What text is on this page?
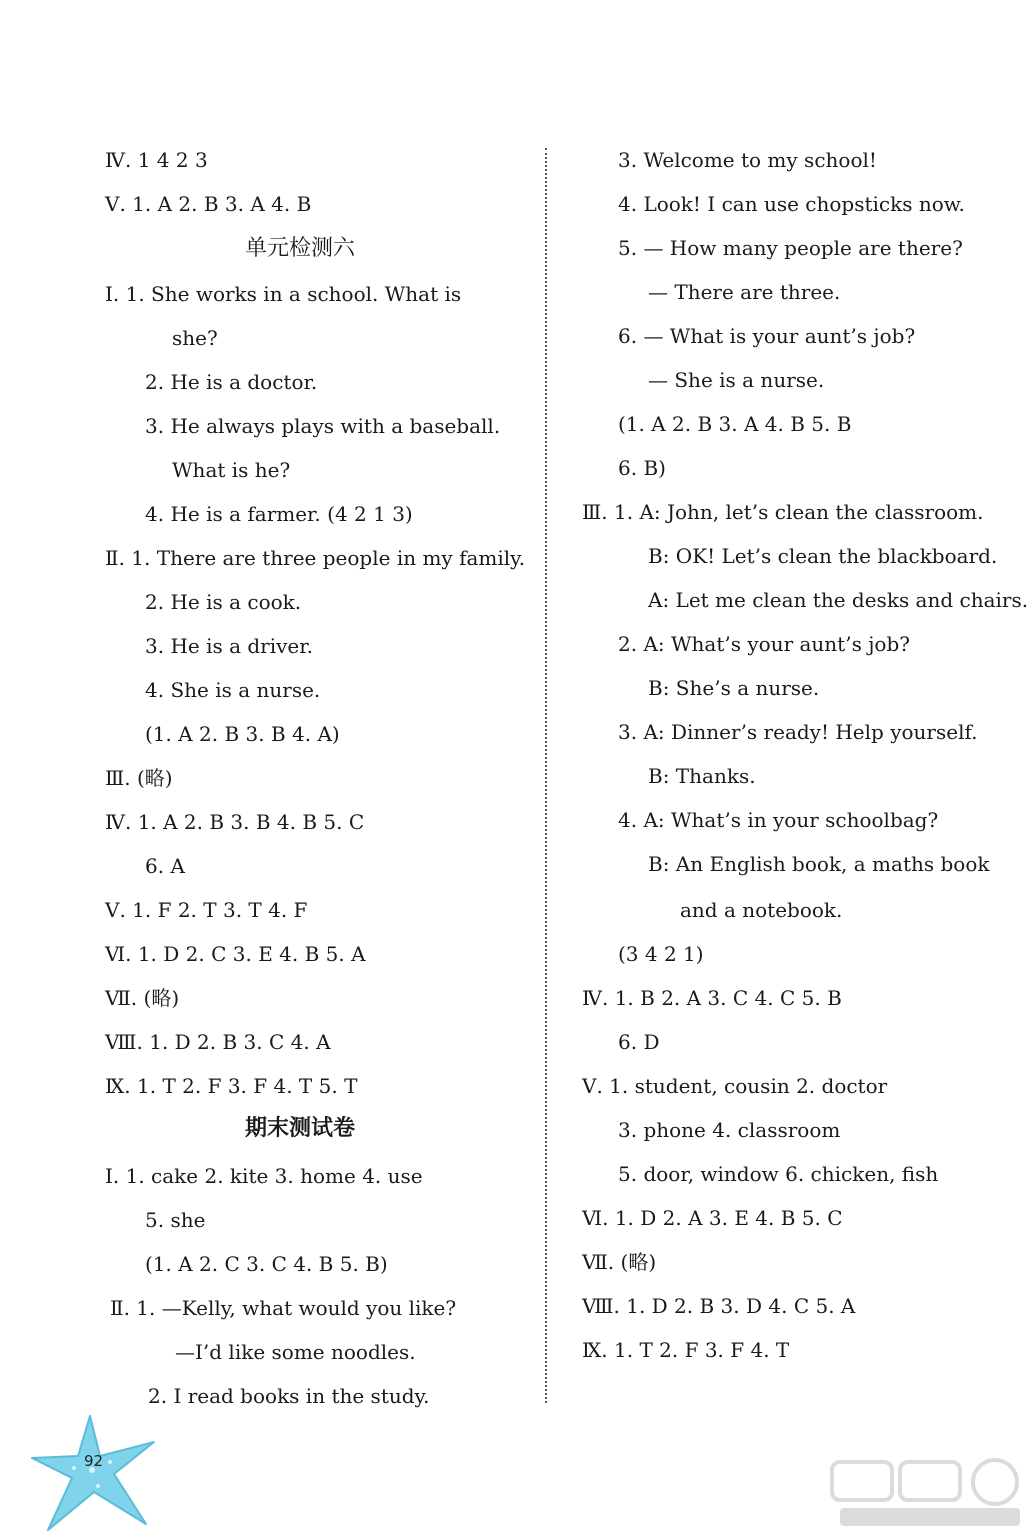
Ⅳ. 1 4 2 3
Ⅴ. 1. A 2. B 3. A 4. B
单元检测六
Ⅰ. 1. She works in a school. What is
she?
2. He is a doctor.
3. He always plays with a baseball.
What is he?
4. He is a farmer. (4 2 1 3)
Ⅱ. 1. There are three people in my family.
2. He is a cook.
3. He is a driver.
4. She is a nurse.
(1. A 2. B 3. B 4. A)
Ⅲ. (略)
Ⅳ. 1. A 2. B 3. B 4. B 5. C
6. A
Ⅴ. 1. F 2. T 3. T 4. F
Ⅵ. 1. D 2. C 3. E 4. B 5. A
Ⅶ. (略)
Ⅷ. 1. D 2. B 3. C 4. A
Ⅸ. 1. T 2. F 3. F 4. T 5. T
期末测试卷
Ⅰ. 1. cake 2. kite 3. home 4. use
5. she
(1. A 2. C 3. C 4. B 5. B)
Ⅱ. 1. —Kelly, what would you like?
—I’d like some noodles.
2. I read books in the study.
3. Welcome to my school!
4. Look! I can use chopsticks now.
5. — How many people are there?
— There are three.
6. — What is your aunt’s job?
— She is a nurse.
(1. A 2. B 3. A 4. B 5. B
6. B)
Ⅲ. 1. A: John, let’s clean the classroom.
B: OK! Let’s clean the blackboard.
A: Let me clean the desks and chairs.
2. A: What’s your aunt’s job?
B: She’s a nurse.
3. A: Dinner’s ready! Help yourself.
B: Thanks.
4. A: What’s in your schoolbag?
B: An English book, a maths book
and a notebook.
(3 4 2 1)
Ⅳ. 1. B 2. A 3. C 4. C 5. B
6. D
Ⅴ. 1. student, cousin 2. doctor
3. phone 4. classroom
5. door, window 6. chicken, fish
Ⅵ. 1. D 2. A 3. E 4. B 5. C
Ⅶ. (略)
Ⅷ. 1. D 2. B 3. D 4. C 5. A
Ⅸ. 1. T 2. F 3. F 4. T
92
